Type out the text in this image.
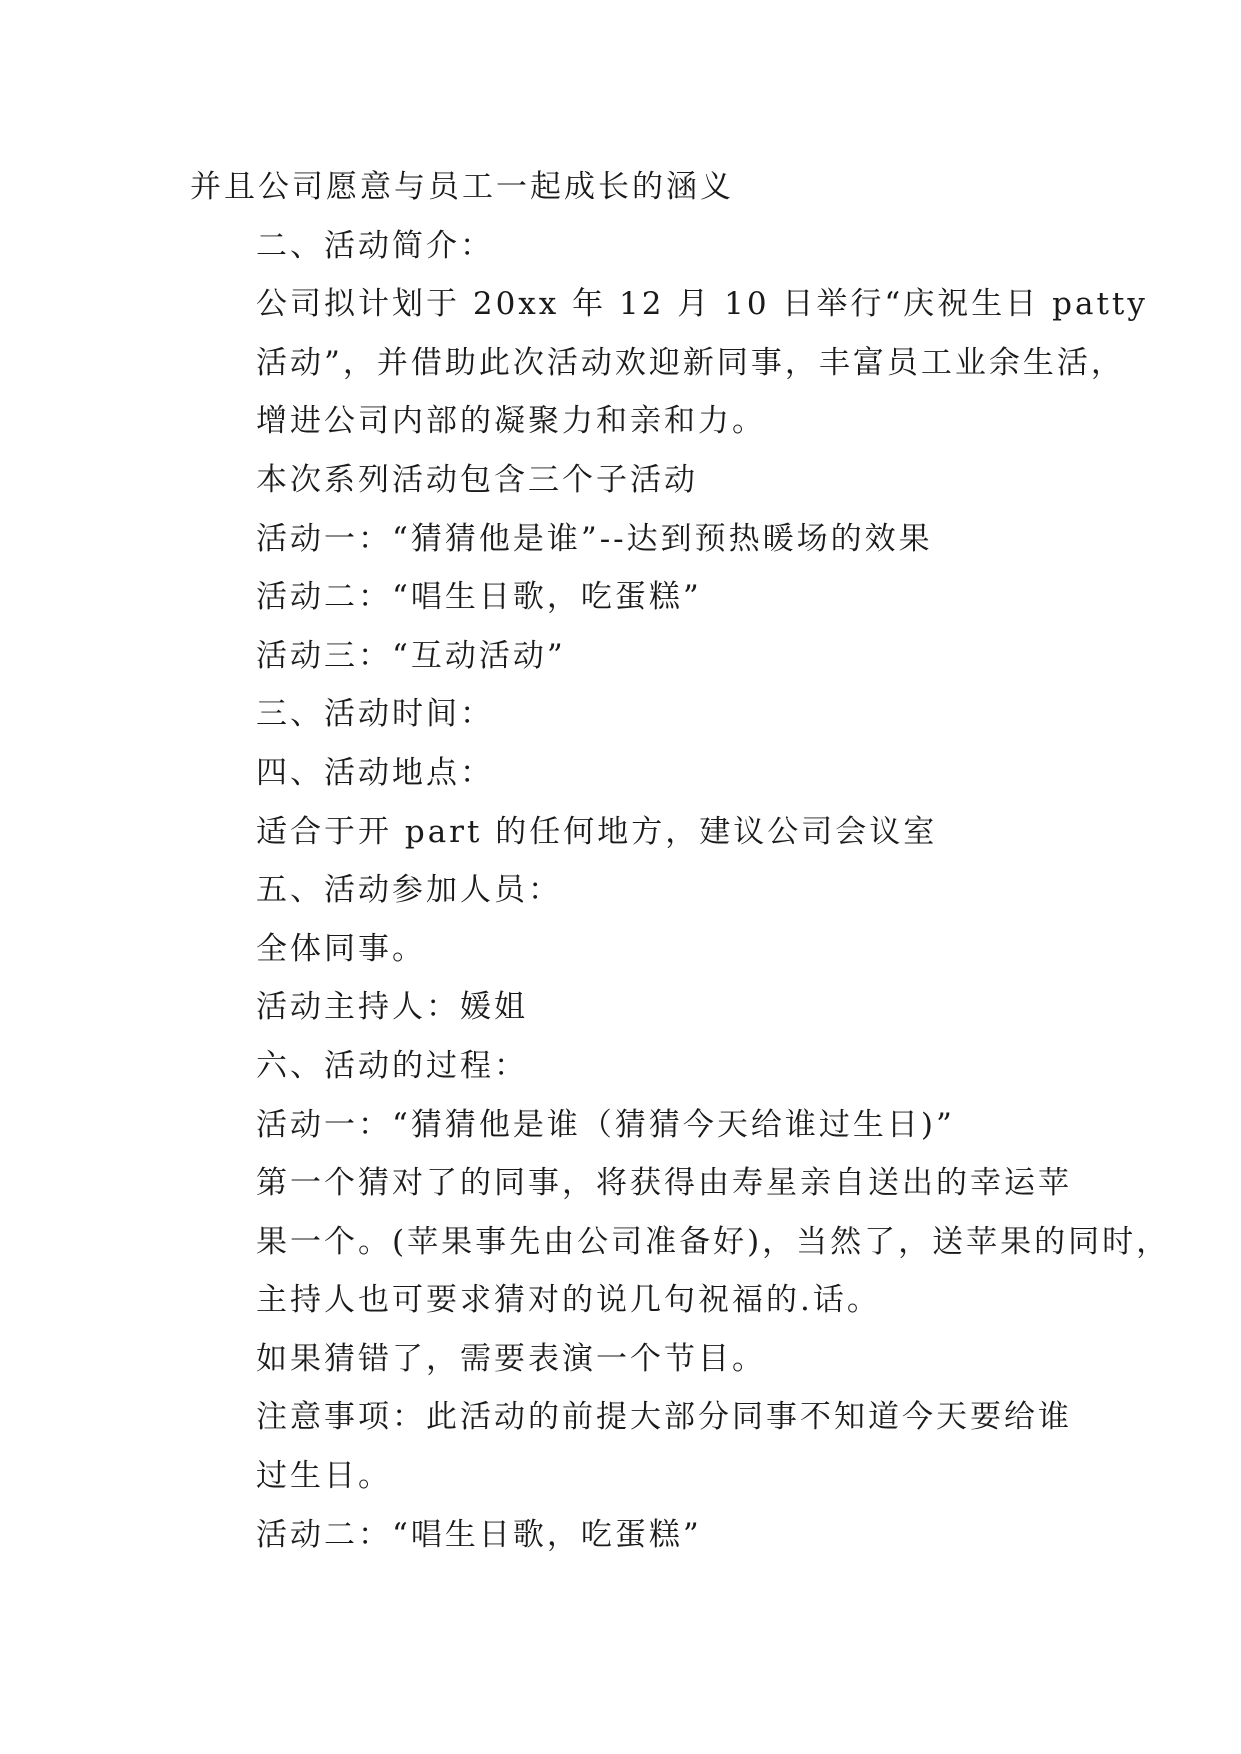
并且公司愿意与员工一起成长的涵义
二、活动简介：
公司拟计划于 20xx 年 12 月 10 日举行“庆祝生日 patty
活动”，并借助此次活动欢迎新同事，丰富员工业余生活，
增进公司内部的凝聚力和亲和力。
本次系列活动包含三个子活动
活动一：“猜猜他是谁”--达到预热暖场的效果
活动二：“唱生日歌，吃蛋糕”
活动三：“互动活动”
三、活动时间：
四、活动地点：
适合于开 part 的任何地方，建议公司会议室
五、活动参加人员：
全体同事。
活动主持人：媛姐
六、活动的过程：
活动一：“猜猜他是谁（猜猜今天给谁过生日)”
第一个猜对了的同事，将获得由寿星亲自送出的幸运苹
果一个。(苹果事先由公司准备好)，当然了，送苹果的同时，
主持人也可要求猜对的说几句祝福的.话。
如果猜错了，需要表演一个节目。
注意事项：此活动的前提大部分同事不知道今天要给谁
过生日。
活动二：“唱生日歌，吃蛋糕”
